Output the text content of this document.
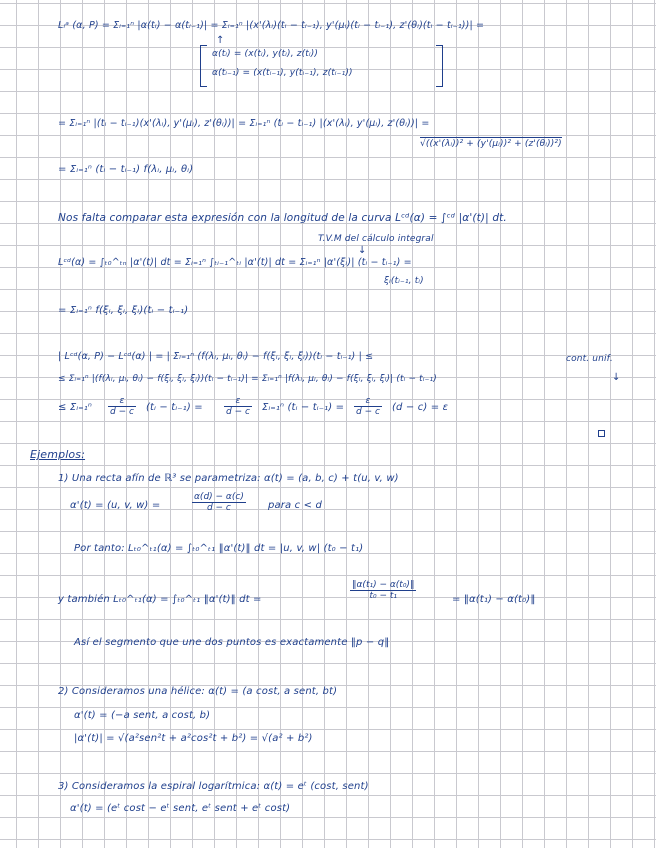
Lᵢᵃ (α, P) = Σᵢ₌₁ⁿ |α(tᵢ) − α(tᵢ₋₁)| = Σᵢ₌₁ⁿ |(x'(λᵢ)(tᵢ − tᵢ₋₁), y'(μᵢ)(tᵢ − tᵢ₋₁), z'(θᵢ)(tᵢ − tᵢ₋₁))| =
↑
α(tᵢ) = (x(tᵢ), y(tᵢ), z(tᵢ))
α(tᵢ₋₁) = (x(tᵢ₋₁), y(tᵢ₋₁), z(tᵢ₋₁))
= Σᵢ₌₁ⁿ |(tᵢ − tᵢ₋₁)(x'(λᵢ), y'(μᵢ), z'(θᵢ))| = Σᵢ₌₁ⁿ (tᵢ − tᵢ₋₁) |(x'(λᵢ), y'(μᵢ), z'(θᵢ))| =
√((x'(λᵢ))² + (y'(μᵢ))² + (z'(θᵢ))²)
= Σᵢ₌₁ⁿ (tᵢ − tᵢ₋₁) f(λᵢ, μᵢ, θᵢ)
Nos falta comparar esta expresión con la longitud de la curva Lᶜᵈ(α) = ∫ᶜᵈ |α'(t)| dt.
T.V.M del cálculo integral
↓
Lᶜᵈ(α) = ∫ₜ₀^ₜₙ |α'(t)| dt = Σᵢ₌₁ⁿ ∫ₜᵢ₋₁^ₜᵢ |α'(t)| dt = Σᵢ₌₁ⁿ |α'(ξᵢ)| (tᵢ − tᵢ₋₁) =
ξᵢ(tᵢ₋₁, tᵢ)
= Σᵢ₌₁ⁿ f(ξᵢ, ξᵢ, ξᵢ)(tᵢ − tᵢ₋₁)
| Lᶜᵈ(α, P) − Lᶜᵈ(α) | = | Σᵢ₌₁ⁿ (f(λᵢ, μᵢ, θᵢ) − f(ξᵢ, ξᵢ, ξᵢ))(tᵢ − tᵢ₋₁) | ≤	cont. unif.
↓
≤ Σᵢ₌₁ⁿ |(f(λᵢ, μᵢ, θᵢ) − f(ξᵢ, ξᵢ, ξᵢ))(tᵢ − tᵢ₋₁)| = Σᵢ₌₁ⁿ |f(λᵢ, μᵢ, θᵢ) − f(ξᵢ, ξᵢ, ξᵢ)| (tᵢ − tᵢ₋₁)
≤ Σᵢ₌₁ⁿ $\frac{\varepsilon}{d - c}$ (tᵢ − tᵢ₋₁) = $\frac{\varepsilon}{d - c}$ Σᵢ₌₁ⁿ (tᵢ − tᵢ₋₁) = $\frac{\varepsilon}{d - c} (d - c) = \varepsilon$
Ejemplos:
1) Una recta afín de ℝ³ se parametriza: α(t) = (a, b, c) + t(u, v, w)
α'(t) = (u, v, w) =	$\frac{\alpha(d) - \alpha(c)}{d - c}$ para c < d
Por tanto: Lₜ₀^ₜ₁(α) = ∫ₜ₀^ₜ₁ ‖α'(t)‖ dt = |u, v, w| (t₀ − t₁)
y también Lₜ₀^ₜ₁(α) = ∫ₜ₀^ₜ₁ ‖α'(t)‖ dt =	$\frac{\text{‖α(t₁) − α(t₀)‖}}{\text{t₀ − t₁}}$	= ‖α(t₁) − α(t₀)‖
Así el segmento que une dos puntos es exactamente ‖p − q‖
2) Consideramos una hélice: α(t) = (a cost, a sent, bt)
α'(t) = (−a sent, a cost, b)
|α'(t)| = √(a²sen²t + a²cos²t + b²) = √(a² + b²)
3) Consideramos la espiral logarítmica: α(t) = eᵗ (cost, sent)
α'(t) = (eᵗ cost − eᵗ sent, eᵗ sent + eᵗ cost)
